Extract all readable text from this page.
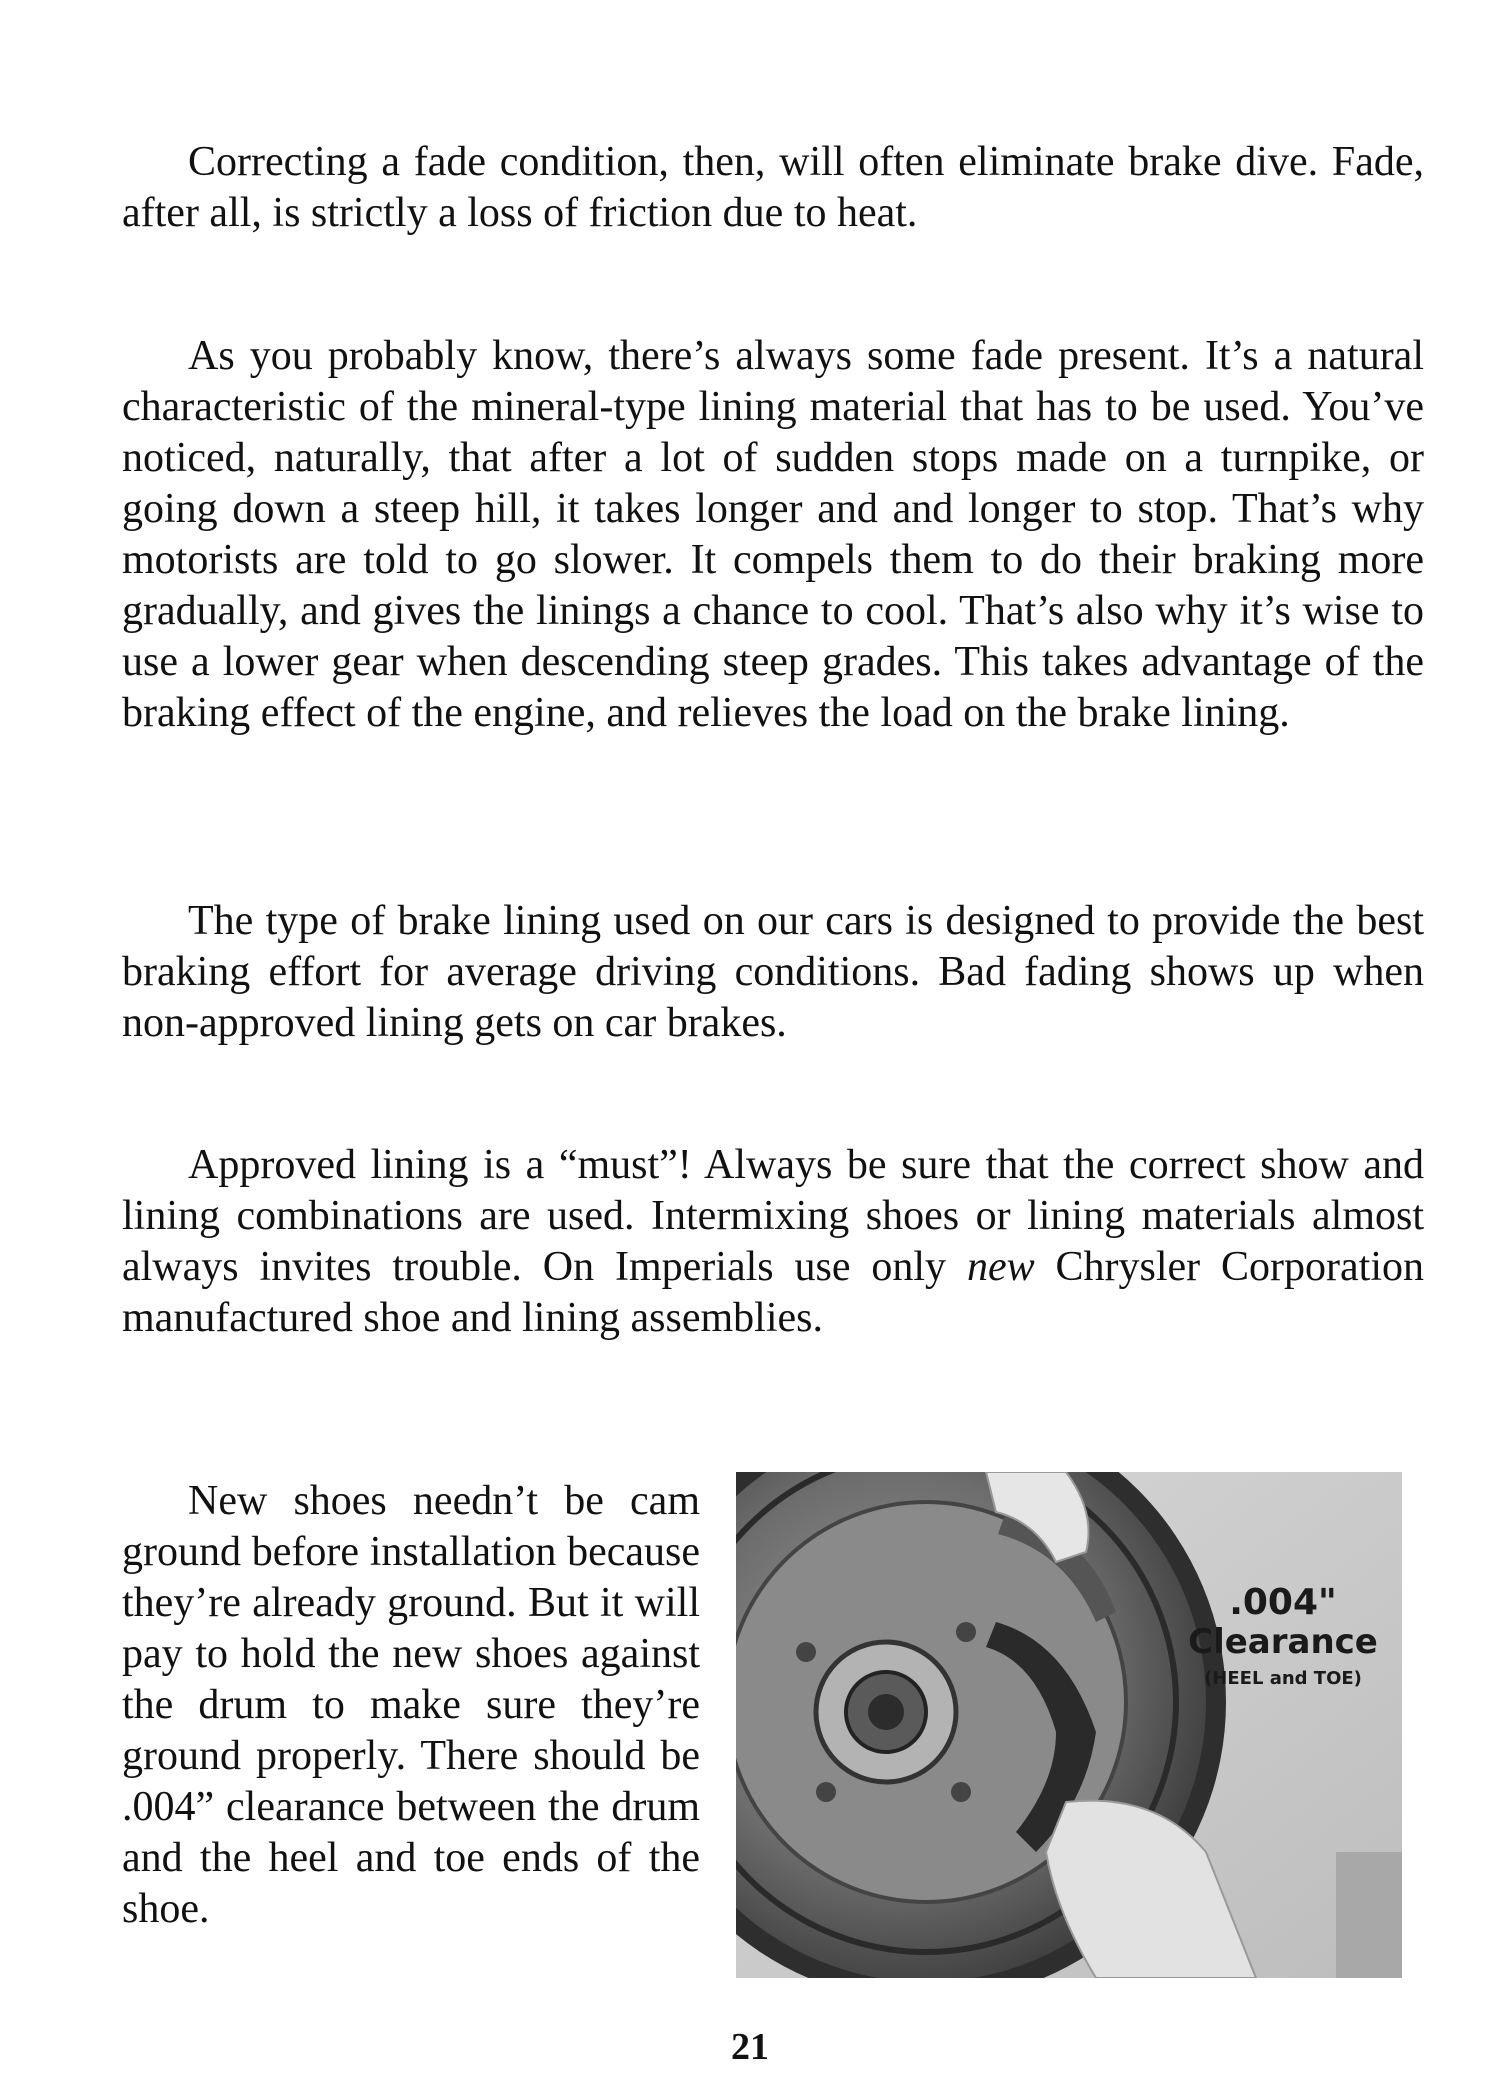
Correcting a fade condition, then, will often eliminate brake dive. Fade, after all, is strictly a loss of friction due to heat.

As you probably know, there’s always some fade present. It’s a natural characteristic of the mineral-type lining material that has to be used. You’ve noticed, naturally, that after a lot of sudden stops made on a turnpike, or going down a steep hill, it takes longer and and longer to stop. That’s why motorists are told to go slower. It compels them to do their braking more gradually, and gives the linings a chance to cool. That’s also why it’s wise to use a lower gear when descending steep grades. This takes advantage of the braking effect of the engine, and relieves the load on the brake lining.

The type of brake lining used on our cars is designed to provide the best braking effort for average driving conditions. Bad fading shows up when non-approved lining gets on car brakes.

Approved lining is a “must”! Always be sure that the correct show and lining combinations are used. Intermixing shoes or lining materials almost always invites trouble. On Imperials use only new Chrysler Corporation manufactured shoe and lining assemblies.

New shoes needn’t be cam ground before installation because they’re already ground. But it will pay to hold the new shoes against the drum to make sure they’re ground properly. There should be .004” clearance between the drum and the heel and toe ends of the shoe.

.004"
Clearance
(HEEL and TOE)
21
